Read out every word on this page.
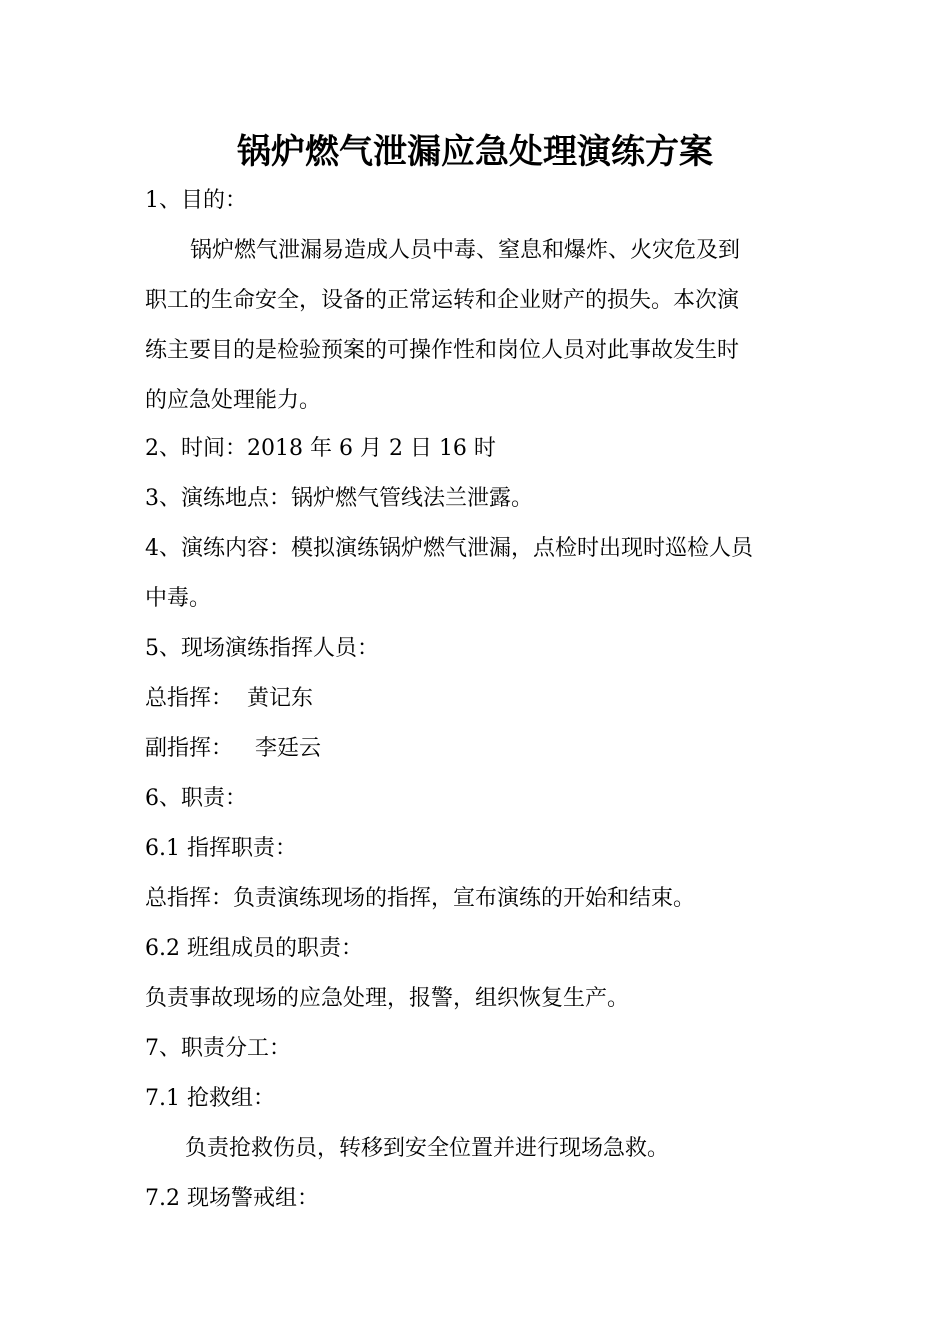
锅炉燃气泄漏应急处理演练方案
1、目的：
锅炉燃气泄漏易造成人员中毒、窒息和爆炸、火灾危及到
职工的生命安全，设备的正常运转和企业财产的损失。本次演
练主要目的是检验预案的可操作性和岗位人员对此事故发生时
的应急处理能力。
2、时间：2018 年 6 月 2 日 16 时
3、演练地点：锅炉燃气管线法兰泄露。
4、演练内容：模拟演练锅炉燃气泄漏，点检时出现时巡检人员
中毒。
5、现场演练指挥人员：
总指挥： 黄记东
副指挥： 李廷云
6、职责：
6.1 指挥职责：
总指挥：负责演练现场的指挥，宣布演练的开始和结束。
6.2 班组成员的职责：
负责事故现场的应急处理，报警，组织恢复生产。
7、职责分工：
7.1 抢救组：
负责抢救伤员，转移到安全位置并进行现场急救。
7.2 现场警戒组：
